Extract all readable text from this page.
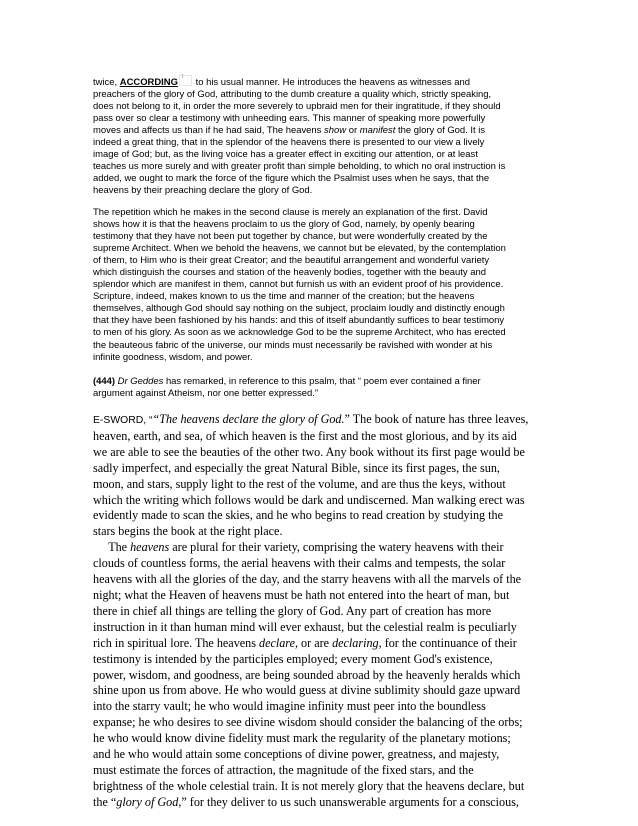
twice, ACCORDING to his usual manner. He introduces the heavens as witnesses and
preachers of the glory of God, attributing to the dumb creature a quality which, strictly speaking,
does not belong to it, in order the more severely to upbraid men for their ingratitude, if they should
pass over so clear a testimony with unheeding ears. This manner of speaking more powerfully
moves and affects us than if he had said, The heavens show or manifest the glory of God. It is
indeed a great thing, that in the splendor of the heavens there is presented to our view a lively
image of God; but, as the living voice has a greater effect in exciting our attention, or at least
teaches us more surely and with greater profit than simple beholding, to which no oral instruction is
added, we ought to mark the force of the figure which the Psalmist uses when he says, that the
heavens by their preaching declare the glory of God.
The repetition which he makes in the second clause is merely an explanation of the first. David
shows how it is that the heavens proclaim to us the glory of God, namely, by openly bearing
testimony that they have not been put together by chance, but were wonderfully created by the
supreme Architect. When we behold the heavens, we cannot but be elevated, by the contemplation
of them, to Him who is their great Creator; and the beautiful arrangement and wonderful variety
which distinguish the courses and station of the heavenly bodies, together with the beauty and
splendor which are manifest in them, cannot but furnish us with an evident proof of his providence.
Scripture, indeed, makes known to us the time and manner of the creation; but the heavens
themselves, although God should say nothing on the subject, proclaim loudly and distinctly enough
that they have been fashioned by his hands: and this of itself abundantly suffices to bear testimony
to men of his glory. As soon as we acknowledge God to be the supreme Architect, who has erected
the beauteous fabric of the universe, our minds must necessarily be ravished with wonder at his
infinite goodness, wisdom, and power.
(444) Dr Geddes has remarked, in reference to this psalm, that “ poem ever contained a finer
argument against Atheism, nor one better expressed.”

E-SWORD, ““The heavens declare the glory of God.” The book of nature has three leaves,
heaven, earth, and sea, of which heaven is the first and the most glorious, and by its aid
we are able to see the beauties of the other two. Any book without its first page would be
sadly imperfect, and especially the great Natural Bible, since its first pages, the sun,
moon, and stars, supply light to the rest of the volume, and are thus the keys, without
which the writing which follows would be dark and undiscerned. Man walking erect was
evidently made to scan the skies, and he who begins to read creation by studying the
stars begins the book at the right place.

The heavens are plural for their variety, comprising the watery heavens with their
clouds of countless forms, the aerial heavens with their calms and tempests, the solar
heavens with all the glories of the day, and the starry heavens with all the marvels of the
night; what the Heaven of heavens must be hath not entered into the heart of man, but
there in chief all things are telling the glory of God. Any part of creation has more
instruction in it than human mind will ever exhaust, but the celestial realm is peculiarly
rich in spiritual lore. The heavens declare, or are declaring, for the continuance of their
testimony is intended by the participles employed; every moment God's existence,
power, wisdom, and goodness, are being sounded abroad by the heavenly heralds which
shine upon us from above. He who would guess at divine sublimity should gaze upward
into the starry vault; he who would imagine infinity must peer into the boundless
expanse; he who desires to see divine wisdom should consider the balancing of the orbs;
he who would know divine fidelity must mark the regularity of the planetary motions;
and he who would attain some conceptions of divine power, greatness, and majesty,
must estimate the forces of attraction, the magnitude of the fixed stars, and the
brightness of the whole celestial train. It is not merely glory that the heavens declare, but
the “glory of God,” for they deliver to us such unanswerable arguments for a conscious,
